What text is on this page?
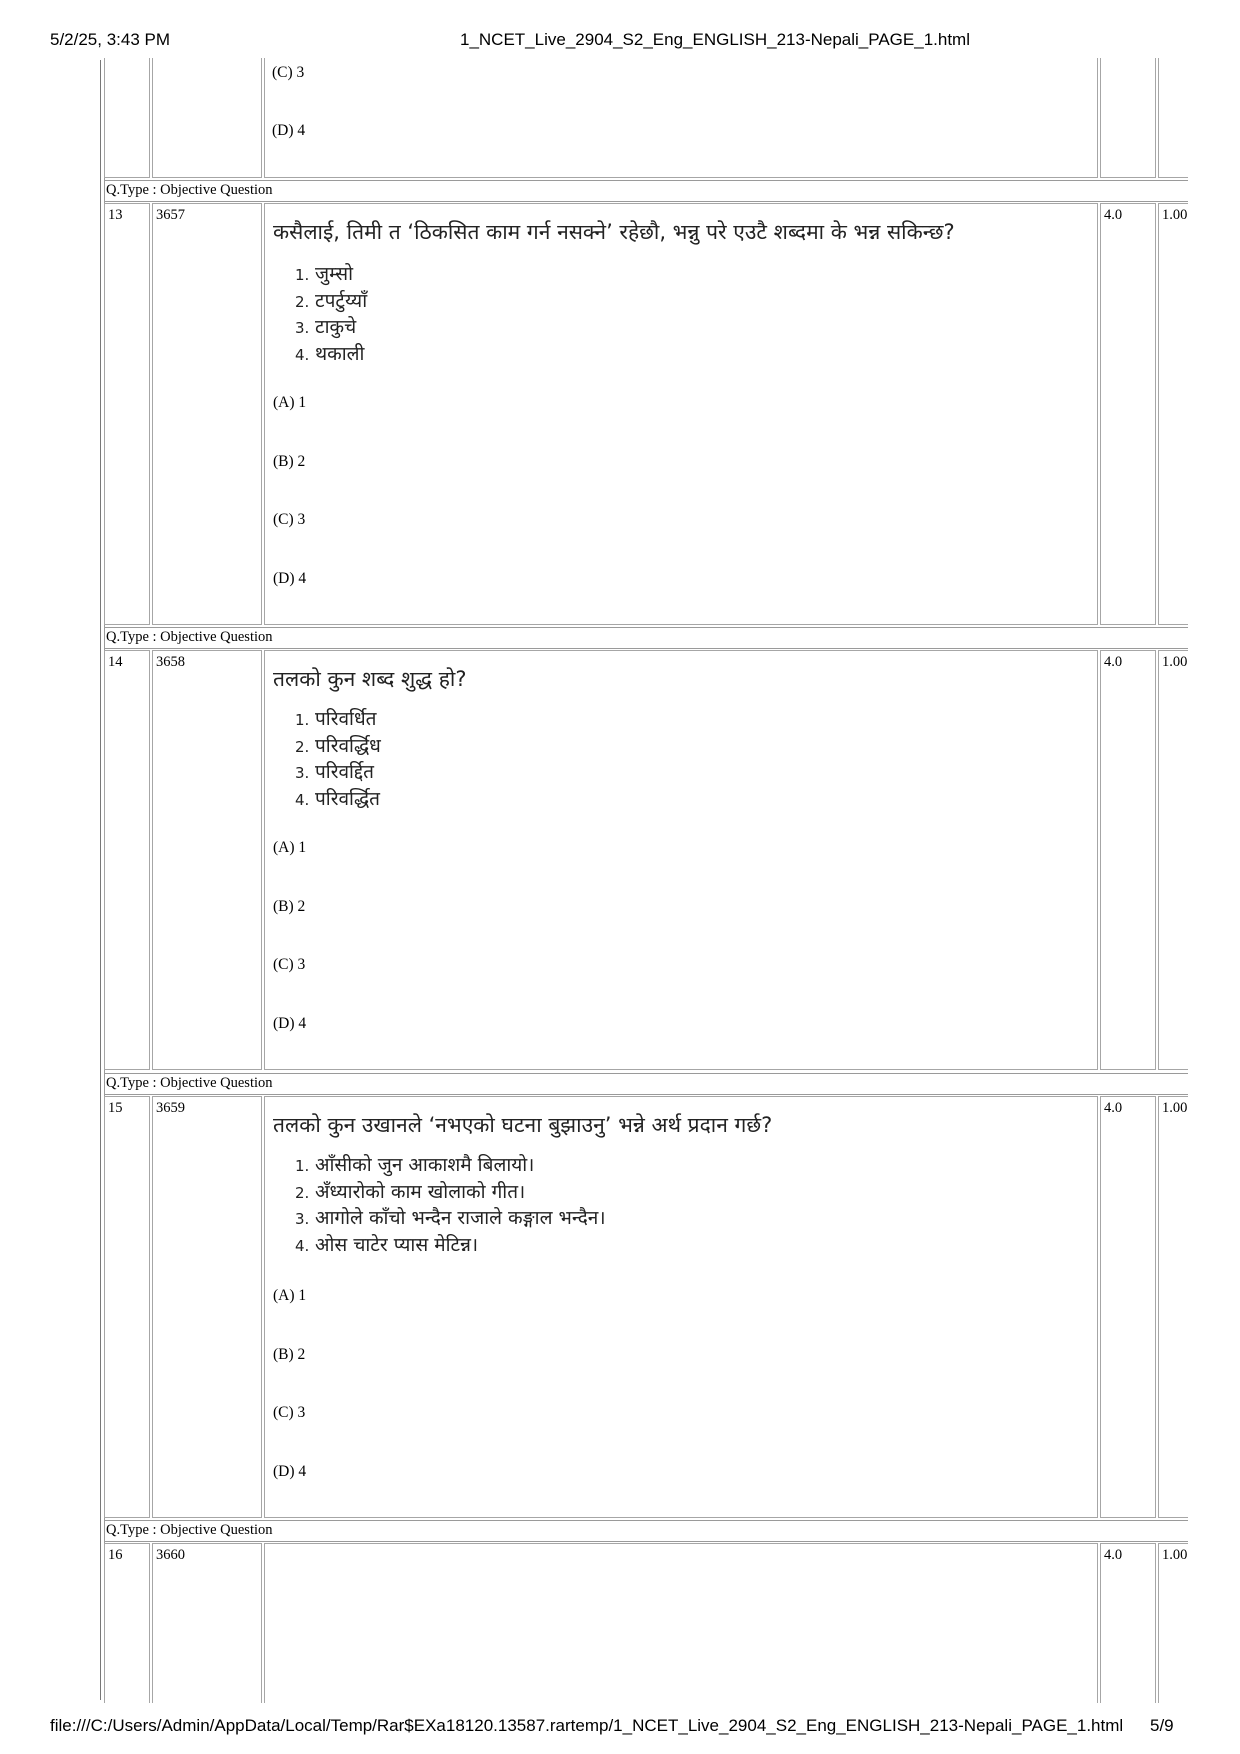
5/2/25, 3:43 PM	1_NCET_Live_2904_S2_Eng_ENGLISH_213-Nepali_PAGE_1.html
(C) 3
(D) 4
Q.Type : Objective Question
13 3657
कसैलाई, तिमी त ‘ठिकसित काम गर्न नसक्ने’ रहेछौ, भन्नु परे एउटै शब्दमा के भन्न सकिन्छ?
1. जुम्सो
2. टपर्टुय्याँ
3. टाकुचे
4. थकाली
(A) 1
(B) 2
(C) 3
(D) 4
4.0	1.00
Q.Type : Objective Question
14 3658
तलको कुन शब्द शुद्ध हो?
1. परिवर्धित
2. परिवर्द्धिध
3. परिवर्द्दित
4. परिवर्द्धित
(A) 1
(B) 2
(C) 3
(D) 4
4.0	1.00
Q.Type : Objective Question
15 3659
तलको कुन उखानले ‘नभएको घटना बुझाउनु’ भन्ने अर्थ प्रदान गर्छ?
1. आँसीको जुन आकाशमै बिलायो।
2. अँध्यारोको काम खोलाको गीत।
3. आगोले काँचो भन्दैन राजाले कङ्गाल भन्दैन।
4. ओस चाटेर प्यास मेटिन्न।
(A) 1
(B) 2
(C) 3
(D) 4
4.0	1.00
Q.Type : Objective Question
16 3660	4.0	1.00
file:///C:/Users/Admin/AppData/Local/Temp/Rar$EXa18120.13587.rartemp/1_NCET_Live_2904_S2_Eng_ENGLISH_213-Nepali_PAGE_1.html 5/9
